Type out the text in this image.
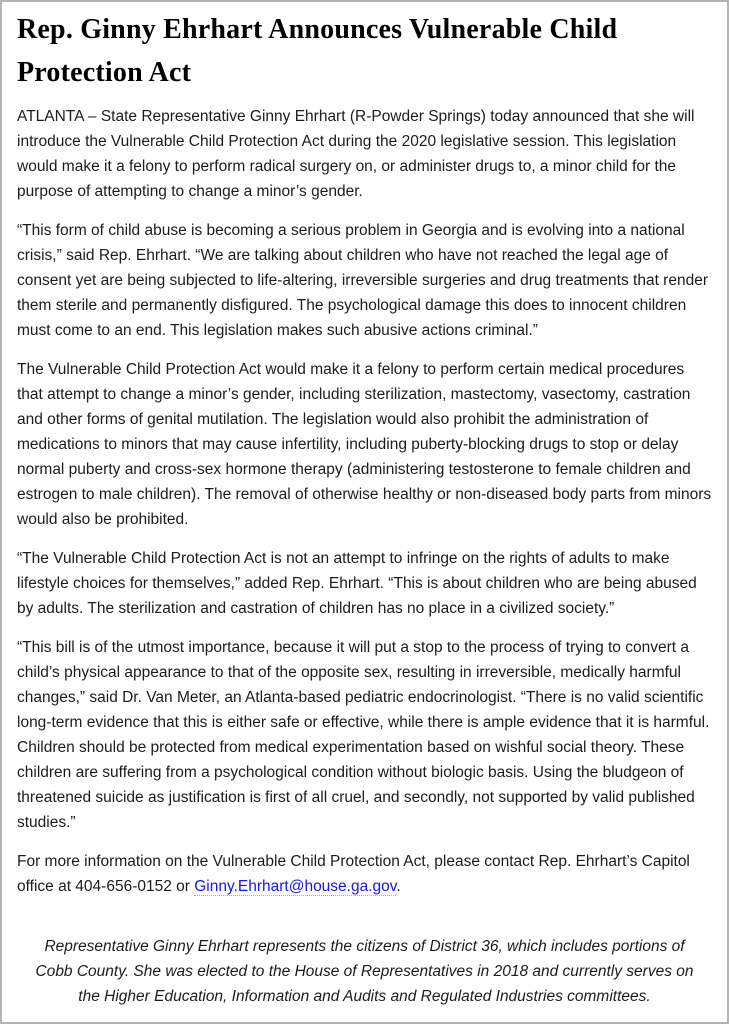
Rep. Ginny Ehrhart Announces Vulnerable Child Protection Act

ATLANTA – State Representative Ginny Ehrhart (R-Powder Springs) today announced that she will introduce the Vulnerable Child Protection Act during the 2020 legislative session. This legislation would make it a felony to perform radical surgery on, or administer drugs to, a minor child for the purpose of attempting to change a minor’s gender.

“This form of child abuse is becoming a serious problem in Georgia and is evolving into a national crisis,” said Rep. Ehrhart. “We are talking about children who have not reached the legal age of consent yet are being subjected to life-altering, irreversible surgeries and drug treatments that render them sterile and permanently disfigured. The psychological damage this does to innocent children must come to an end. This legislation makes such abusive actions criminal.”

The Vulnerable Child Protection Act would make it a felony to perform certain medical procedures that attempt to change a minor’s gender, including sterilization, mastectomy, vasectomy, castration and other forms of genital mutilation. The legislation would also prohibit the administration of medications to minors that may cause infertility, including puberty-blocking drugs to stop or delay normal puberty and cross-sex hormone therapy (administering testosterone to female children and estrogen to male children). The removal of otherwise healthy or non-diseased body parts from minors would also be prohibited.

“The Vulnerable Child Protection Act is not an attempt to infringe on the rights of adults to make lifestyle choices for themselves,” added Rep. Ehrhart. “This is about children who are being abused by adults. The sterilization and castration of children has no place in a civilized society.”

“This bill is of the utmost importance, because it will put a stop to the process of trying to convert a child’s physical appearance to that of the opposite sex, resulting in irreversible, medically harmful changes,” said Dr. Van Meter, an Atlanta-based pediatric endocrinologist. “There is no valid scientific long-term evidence that this is either safe or effective, while there is ample evidence that it is harmful. Children should be protected from medical experimentation based on wishful social theory. These children are suffering from a psychological condition without biologic basis. Using the bludgeon of threatened suicide as justification is first of all cruel, and secondly, not supported by valid published studies.”

For more information on the Vulnerable Child Protection Act, please contact Rep. Ehrhart’s Capitol office at 404-656-0152 or Ginny.Ehrhart@house.ga.gov.

Representative Ginny Ehrhart represents the citizens of District 36, which includes portions of Cobb County. She was elected to the House of Representatives in 2018 and currently serves on the Higher Education, Information and Audits and Regulated Industries committees.
